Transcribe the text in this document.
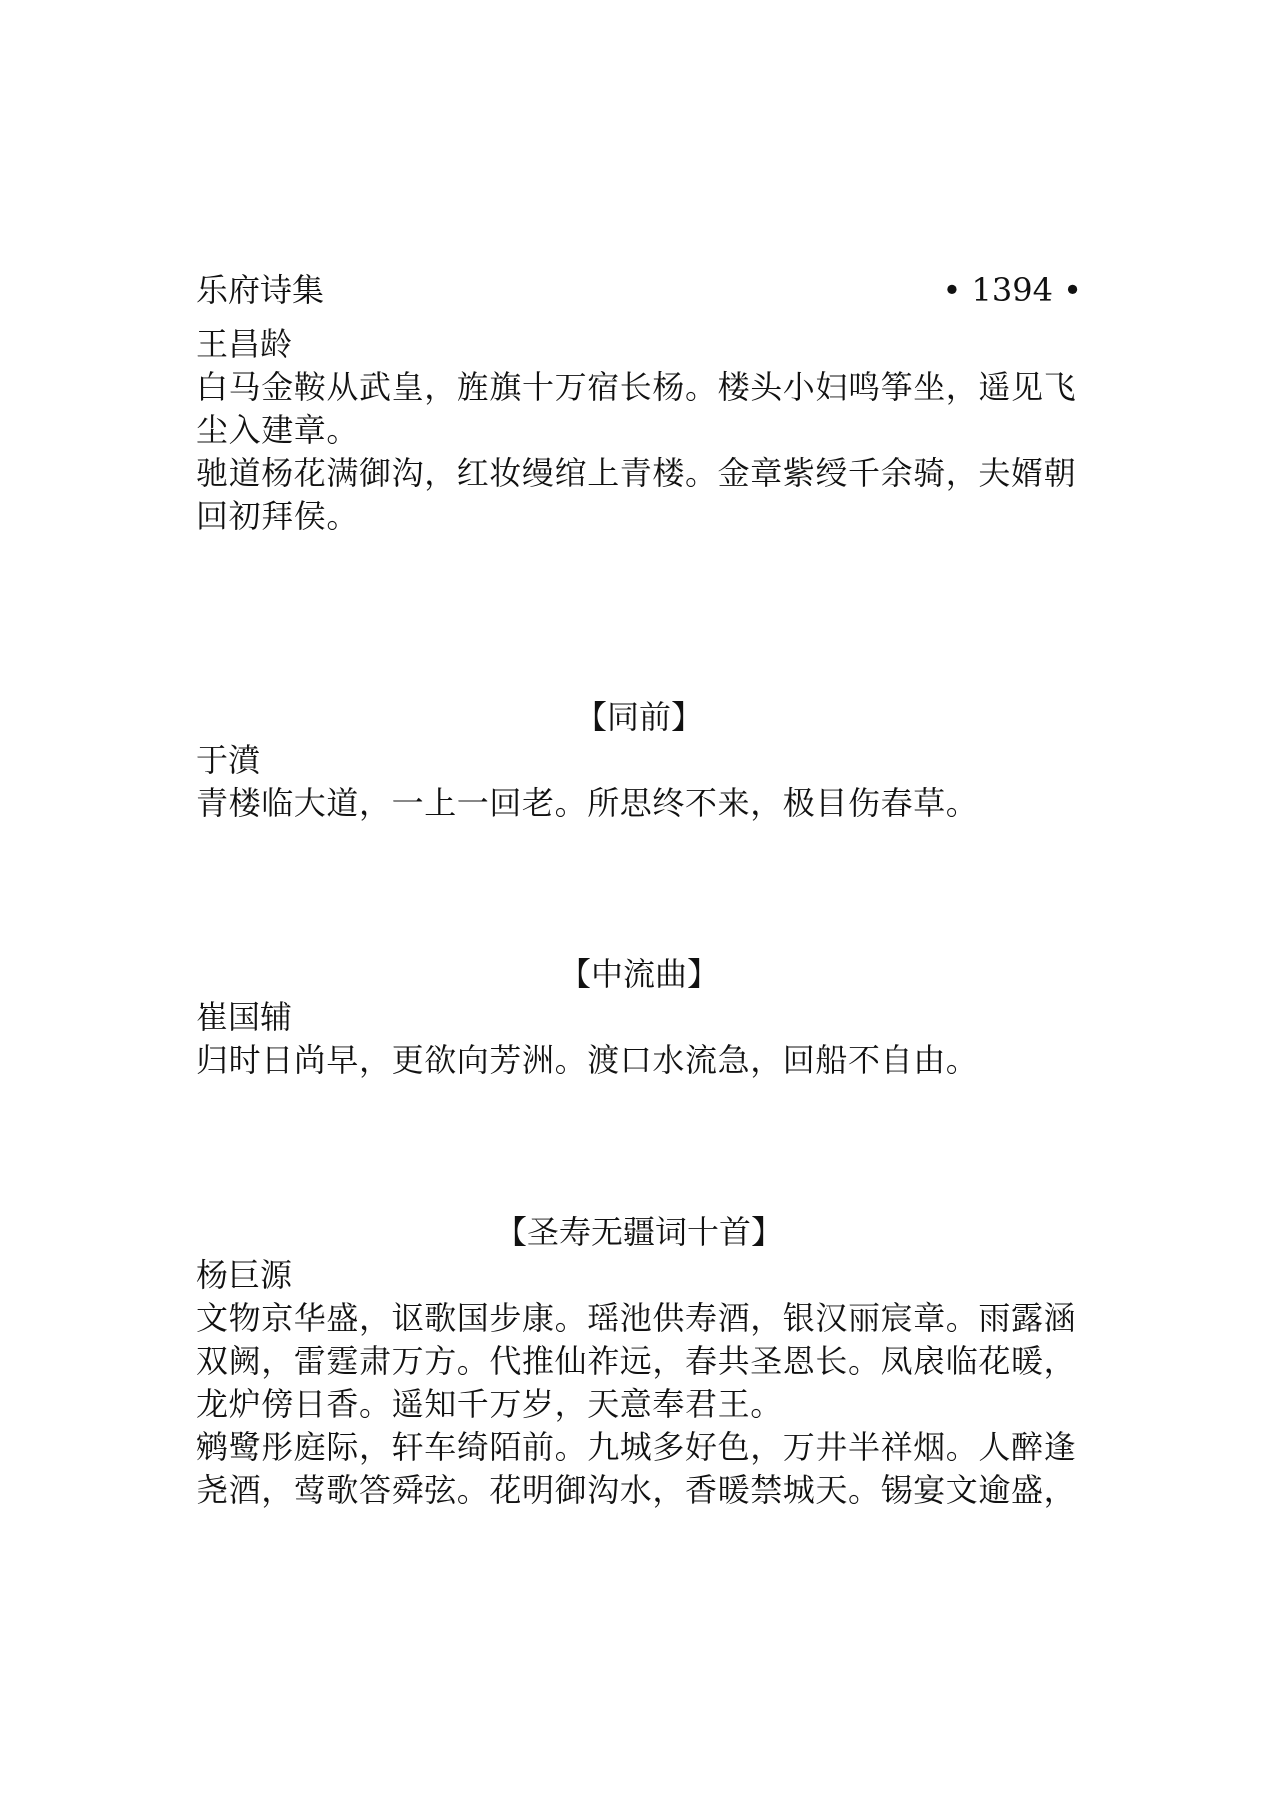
乐府诗集	• 1394 •
王昌龄
白马金鞍从武皇，旌旗十万宿长杨。楼头小妇鸣筝坐，遥见飞尘入建章。
驰道杨花满御沟，红妆缦绾上青楼。金章紫绶千余骑，夫婿朝回初拜侯。
【同前】
于濆
青楼临大道，一上一回老。所思终不来，极目伤春草。
【中流曲】
崔国辅
归时日尚早，更欲向芳洲。渡口水流急，回船不自由。
【圣寿无疆词十首】
杨巨源
文物京华盛，讴歌国步康。瑶池供寿酒，银汉丽宸章。雨露涵双阙，雷霆肃万方。代推仙祚远，春共圣恩长。凤扆临花暖，龙炉傍日香。遥知千万岁，天意奉君王。
鹓鹭彤庭际，轩车绮陌前。九城多好色，万井半祥烟。人醉逢尧酒，莺歌答舜弦。花明御沟水，香暖禁城天。锡宴文逾盛，
